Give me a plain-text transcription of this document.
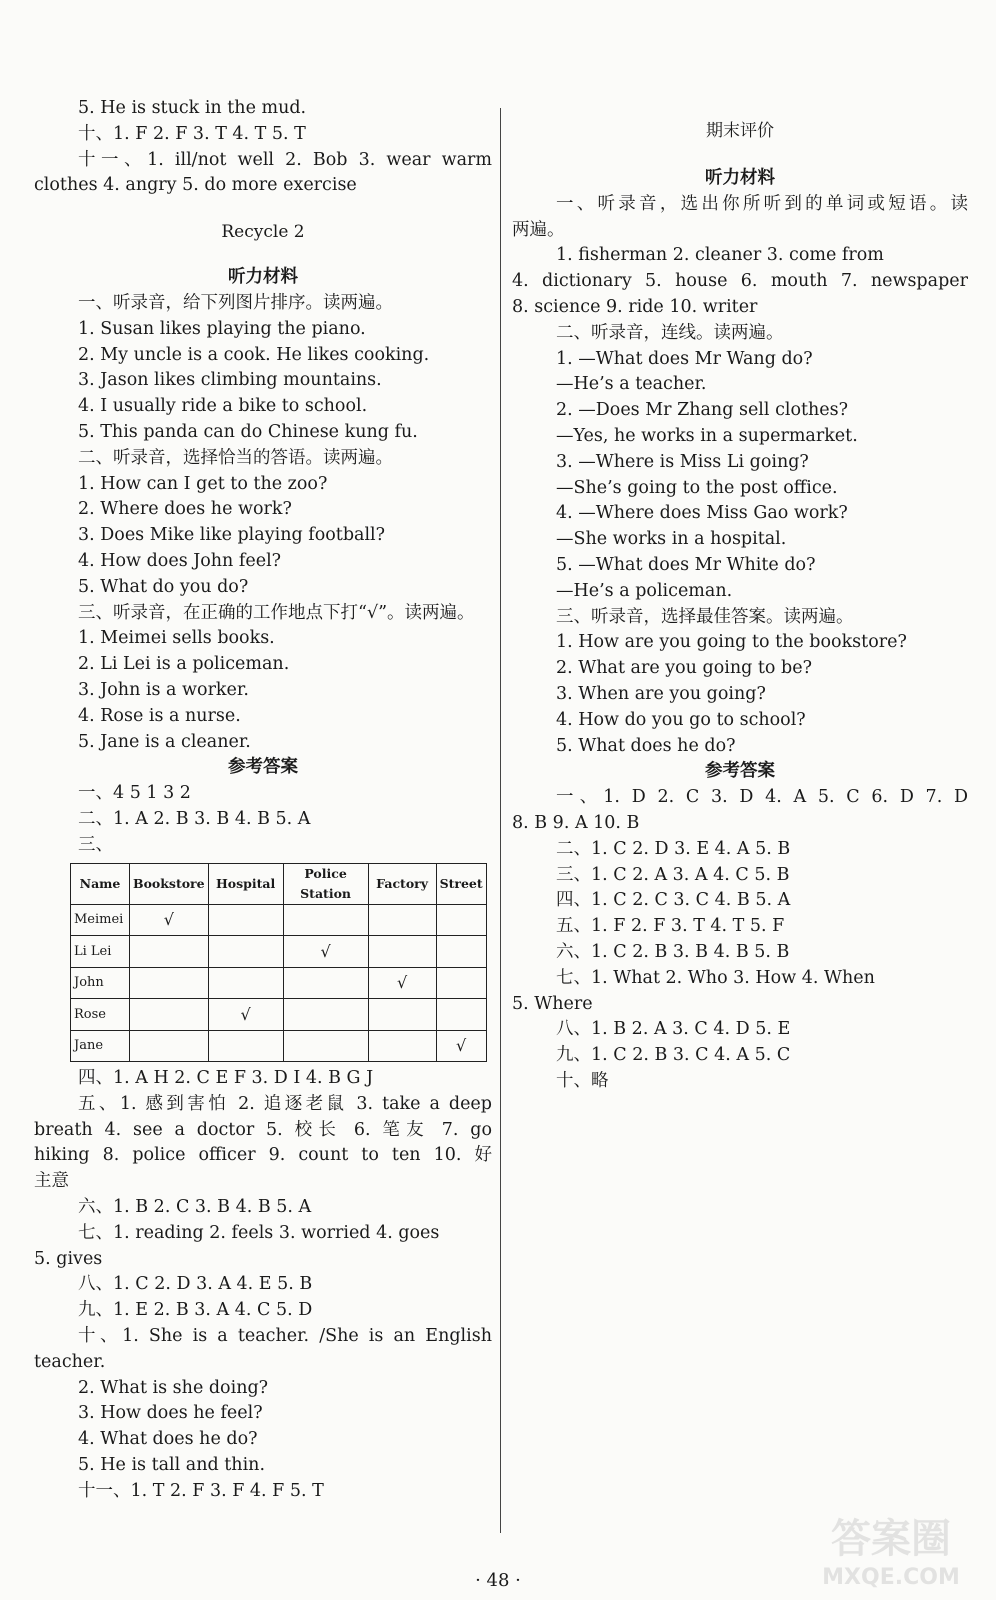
5. He is stuck in the mud.
十、1. F 2. F 3. T 4. T 5. T
十一、1. ill/not well 2. Bob 3. wear warm
clothes 4. angry 5. do more exercise
Recycle 2
听力材料
一、听录音，给下列图片排序。读两遍。
1. Susan likes playing the piano.
2. My uncle is a cook. He likes cooking.
3. Jason likes climbing mountains.
4. I usually ride a bike to school.
5. This panda can do Chinese kung fu.
二、听录音，选择恰当的答语。读两遍。
1. How can I get to the zoo?
2. Where does he work?
3. Does Mike like playing football?
4. How does John feel?
5. What do you do?
三、听录音，在正确的工作地点下打“√”。读两遍。
1. Meimei sells books.
2. Li Lei is a policeman.
3. John is a worker.
4. Rose is a nurse.
5. Jane is a cleaner.
参考答案
一、4 5 1 3 2
二、1. A 2. B 3. B 4. B 5. A
三、
Name	Bookstore	Hospital	Police Station	Factory	Street
Meimei	√				
Li Lei			√		
John				√	
Rose		√			
Jane					√
四、1. A H 2. C E F 3. D I 4. B G J
五、1. 感到害怕 2. 追逐老鼠 3. take a deep
breath 4. see a doctor 5. 校长 6. 笔友 7. go
hiking 8. police officer 9. count to ten 10. 好
主意
六、1. B 2. C 3. B 4. B 5. A
七、1. reading 2. feels 3. worried 4. goes
5. gives
八、1. C 2. D 3. A 4. E 5. B
九、1. E 2. B 3. A 4. C 5. D
十、1. She is a teacher. /She is an English
teacher.
2. What is she doing?
3. How does he feel?
4. What does he do?
5. He is tall and thin.
十一、1. T 2. F 3. F 4. F 5. T
期末评价
听力材料
一、听录音，选出你所听到的单词或短语。读
两遍。
1. fisherman 2. cleaner 3. come from
4. dictionary 5. house 6. mouth 7. newspaper
8. science 9. ride 10. writer
二、听录音，连线。读两遍。
1. —What does Mr Wang do?
—He’s a teacher.
2. —Does Mr Zhang sell clothes?
—Yes, he works in a supermarket.
3. —Where is Miss Li going?
—She’s going to the post office.
4. —Where does Miss Gao work?
—She works in a hospital.
5. —What does Mr White do?
—He’s a policeman.
三、听录音，选择最佳答案。读两遍。
1. How are you going to the bookstore?
2. What are you going to be?
3. When are you going?
4. How do you go to school?
5. What does he do?
参考答案
一、1. D 2. C 3. D 4. A 5. C 6. D 7. D
8. B 9. A 10. B
二、1. C 2. D 3. E 4. A 5. B
三、1. C 2. A 3. A 4. C 5. B
四、1. C 2. C 3. C 4. B 5. A
五、1. F 2. F 3. T 4. T 5. F
六、1. C 2. B 3. B 4. B 5. B
七、1. What 2. Who 3. How 4. When
5. Where
八、1. B 2. A 3. C 4. D 5. E
九、1. C 2. B 3. C 4. A 5. C
十、略
· 48 ·
答案圈
MXQE.COM
